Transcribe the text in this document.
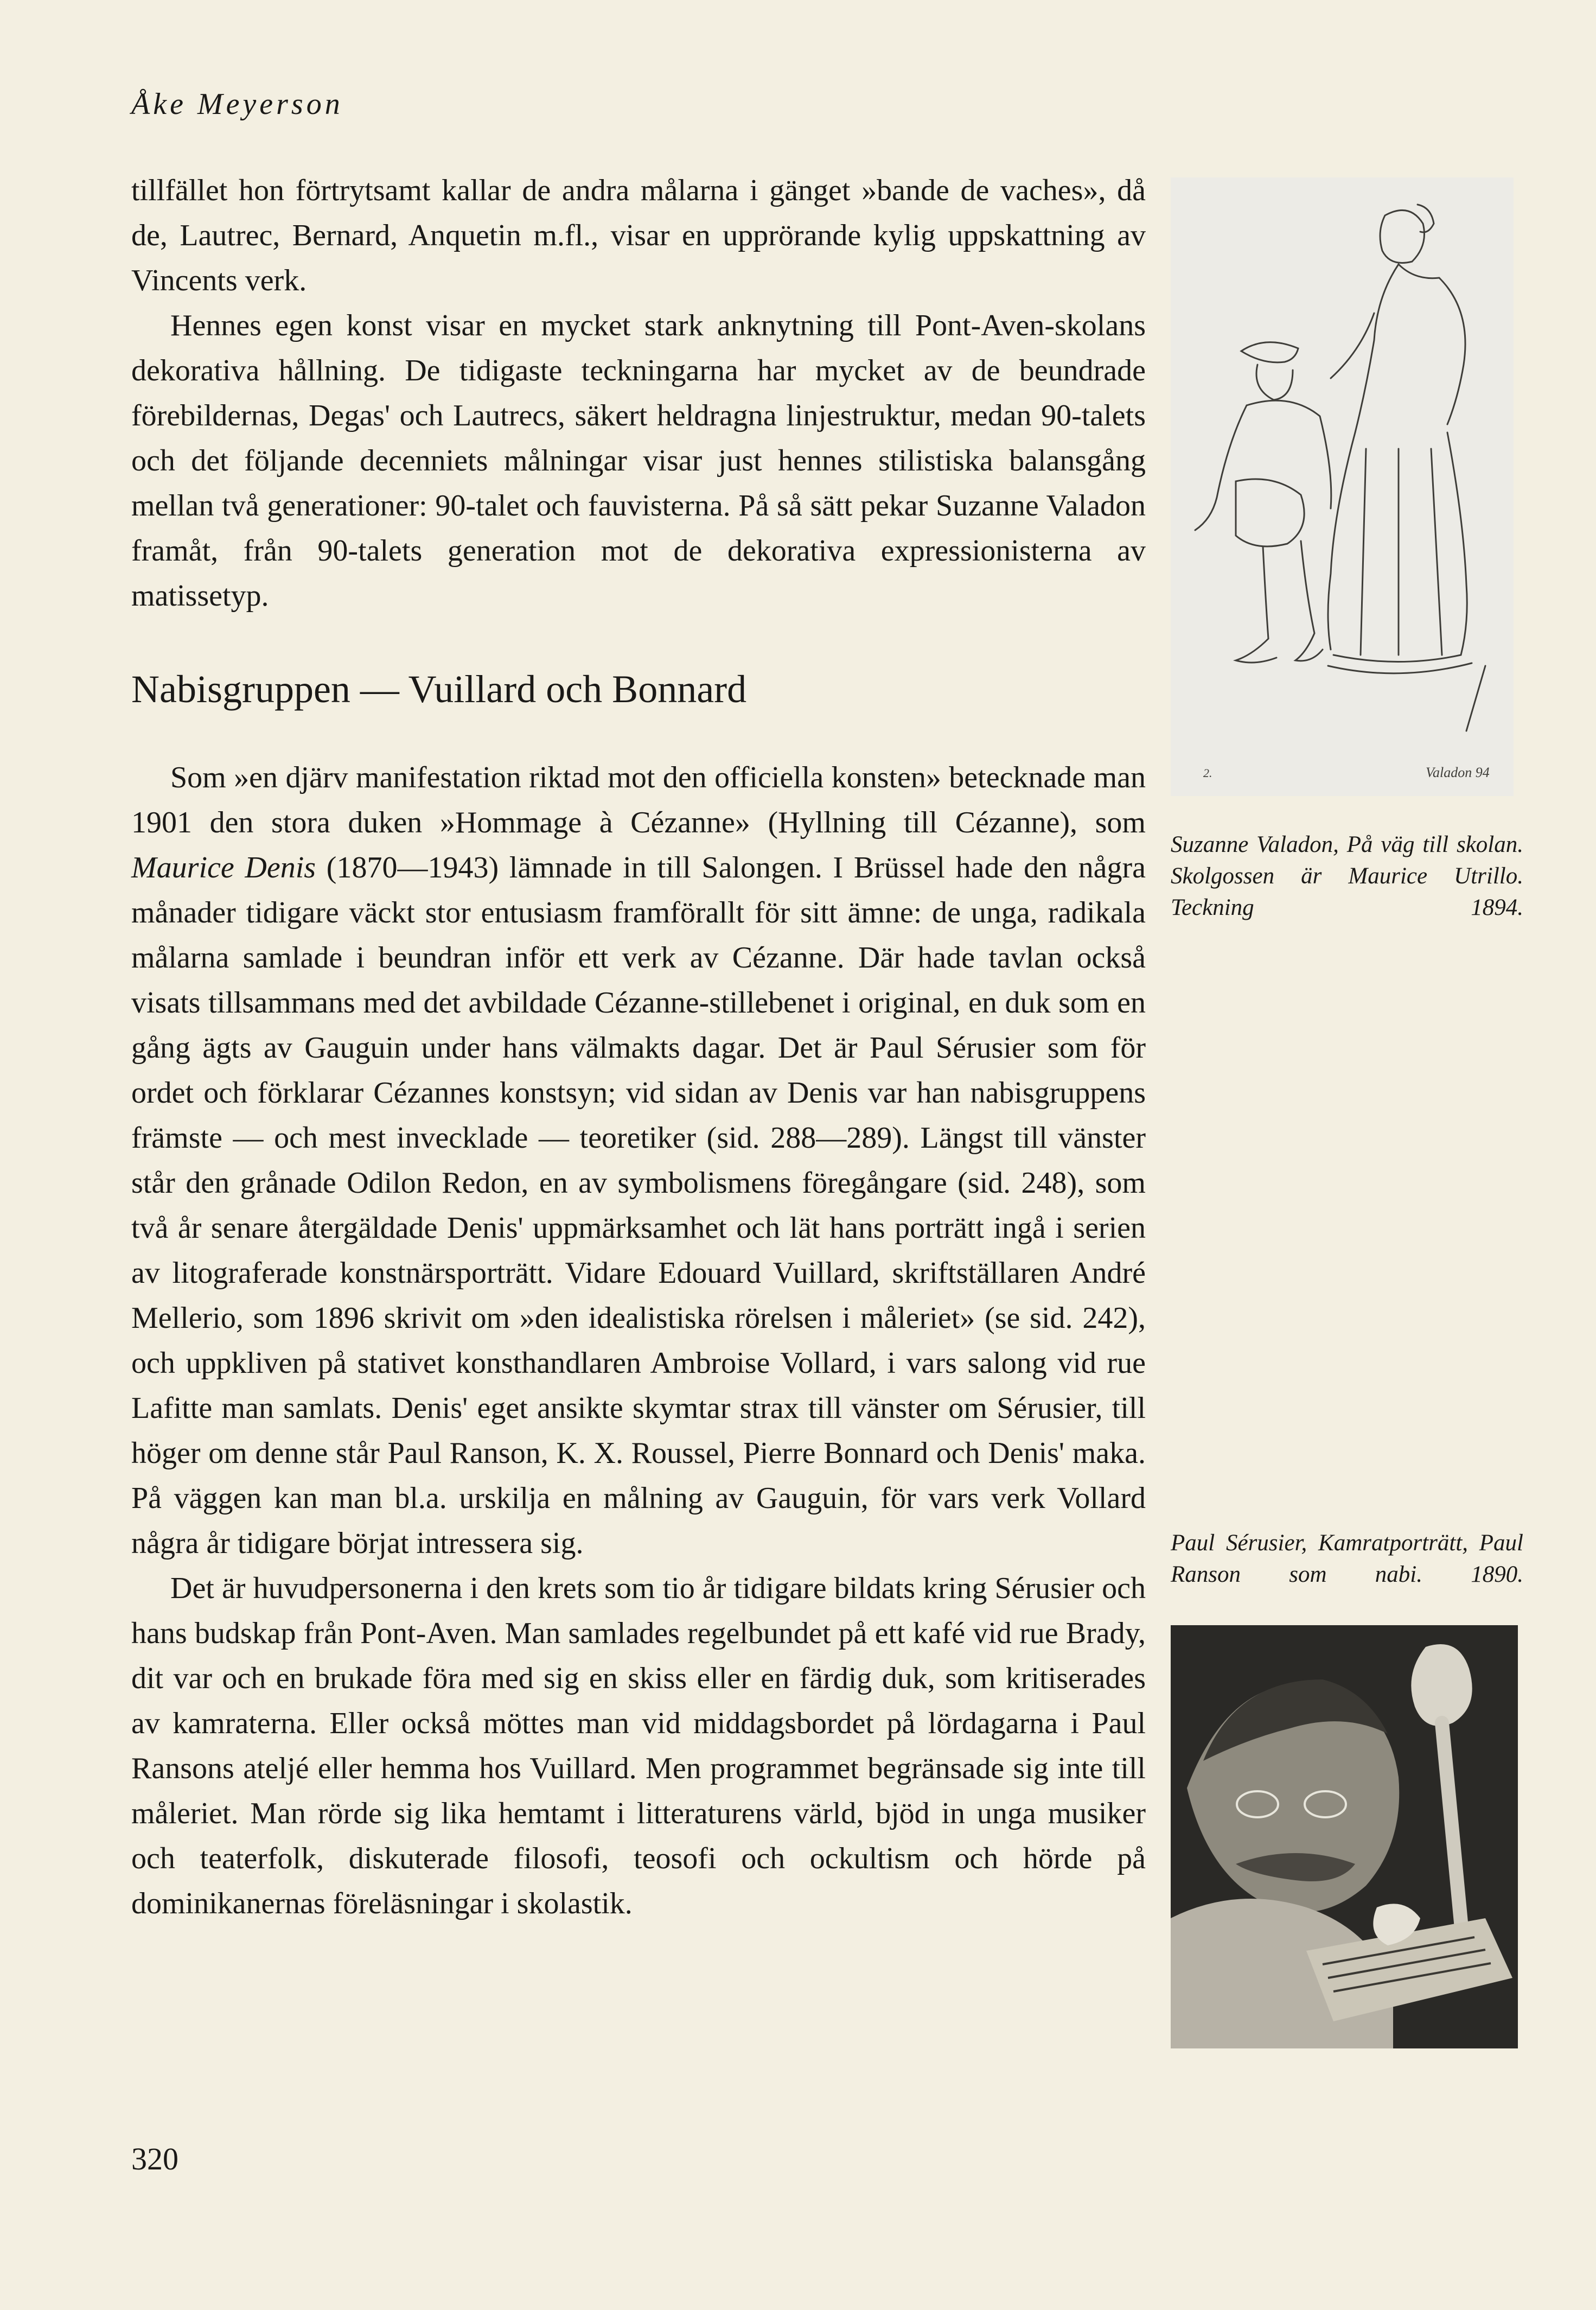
Åke Meyerson

tillfället hon förtrytsamt kallar de andra målarna i gänget »bande de vaches», då de, Lautrec, Bernard, Anquetin m.fl., visar en upprörande kylig uppskattning av Vincents verk.

Hennes egen konst visar en mycket stark anknytning till Pont-Aven-skolans dekorativa hållning. De tidigaste teckningarna har mycket av de beundrade förebildernas, Degas' och Lautrecs, säkert heldragna linjestruktur, medan 90-talets och det följande decenniets målningar visar just hennes stilistiska balansgång mellan två generationer: 90-talet och fauvisterna. På så sätt pekar Suzanne Valadon framåt, från 90-talets generation mot de dekorativa expressionisterna av matissetyp.

Nabisgruppen — Vuillard och Bonnard

Som »en djärv manifestation riktad mot den officiella konsten» betecknade man 1901 den stora duken »Hommage à Cézanne» (Hyllning till Cézanne), som Maurice Denis (1870—1943) lämnade in till Salongen. I Brüssel hade den några månader tidigare väckt stor entusiasm framförallt för sitt ämne: de unga, radikala målarna samlade i beundran inför ett verk av Cézanne. Där hade tavlan också visats tillsammans med det avbildade Cézanne-stillebenet i original, en duk som en gång ägts av Gauguin under hans välmakts dagar. Det är Paul Sérusier som för ordet och förklarar Cézannes konstsyn; vid sidan av Denis var han nabisgruppens främste — och mest invecklade — teoretiker (sid. 288—289). Längst till vänster står den grånade Odilon Redon, en av symbolismens föregångare (sid. 248), som två år senare återgäldade Denis' uppmärksamhet och lät hans porträtt ingå i serien av litograferade konstnärsporträtt. Vidare Edouard Vuillard, skriftställaren André Mellerio, som 1896 skrivit om »den idealistiska rörelsen i måleriet» (se sid. 242), och uppkliven på stativet konsthandlaren Ambroise Vollard, i vars salong vid rue Lafitte man samlats. Denis' eget ansikte skymtar strax till vänster om Sérusier, till höger om denne står Paul Ranson, K. X. Roussel, Pierre Bonnard och Denis' maka. På väggen kan man bl.a. urskilja en målning av Gauguin, för vars verk Vollard några år tidigare börjat intressera sig.

Det är huvudpersonerna i den krets som tio år tidigare bildats kring Sérusier och hans budskap från Pont-Aven. Man samlades regelbundet på ett kafé vid rue Brady, dit var och en brukade föra med sig en skiss eller en färdig duk, som kritiserades av kamraterna. Eller också möttes man vid middagsbordet på lördagarna i Paul Ransons ateljé eller hemma hos Vuillard. Men programmet begränsade sig inte till måleriet. Man rörde sig lika hemtamt i litteraturens värld, bjöd in unga musiker och teaterfolk, diskuterade filosofi, teosofi och ockultism och hörde på dominikanernas föreläsningar i skolastik.

320
2.	Valadon 94
Suzanne Valadon, På väg till skolan. Skolgossen är Maurice Utrillo. Teckning 1894.
Paul Sérusier, Kamratporträtt, Paul Ranson som nabi. 1890.
